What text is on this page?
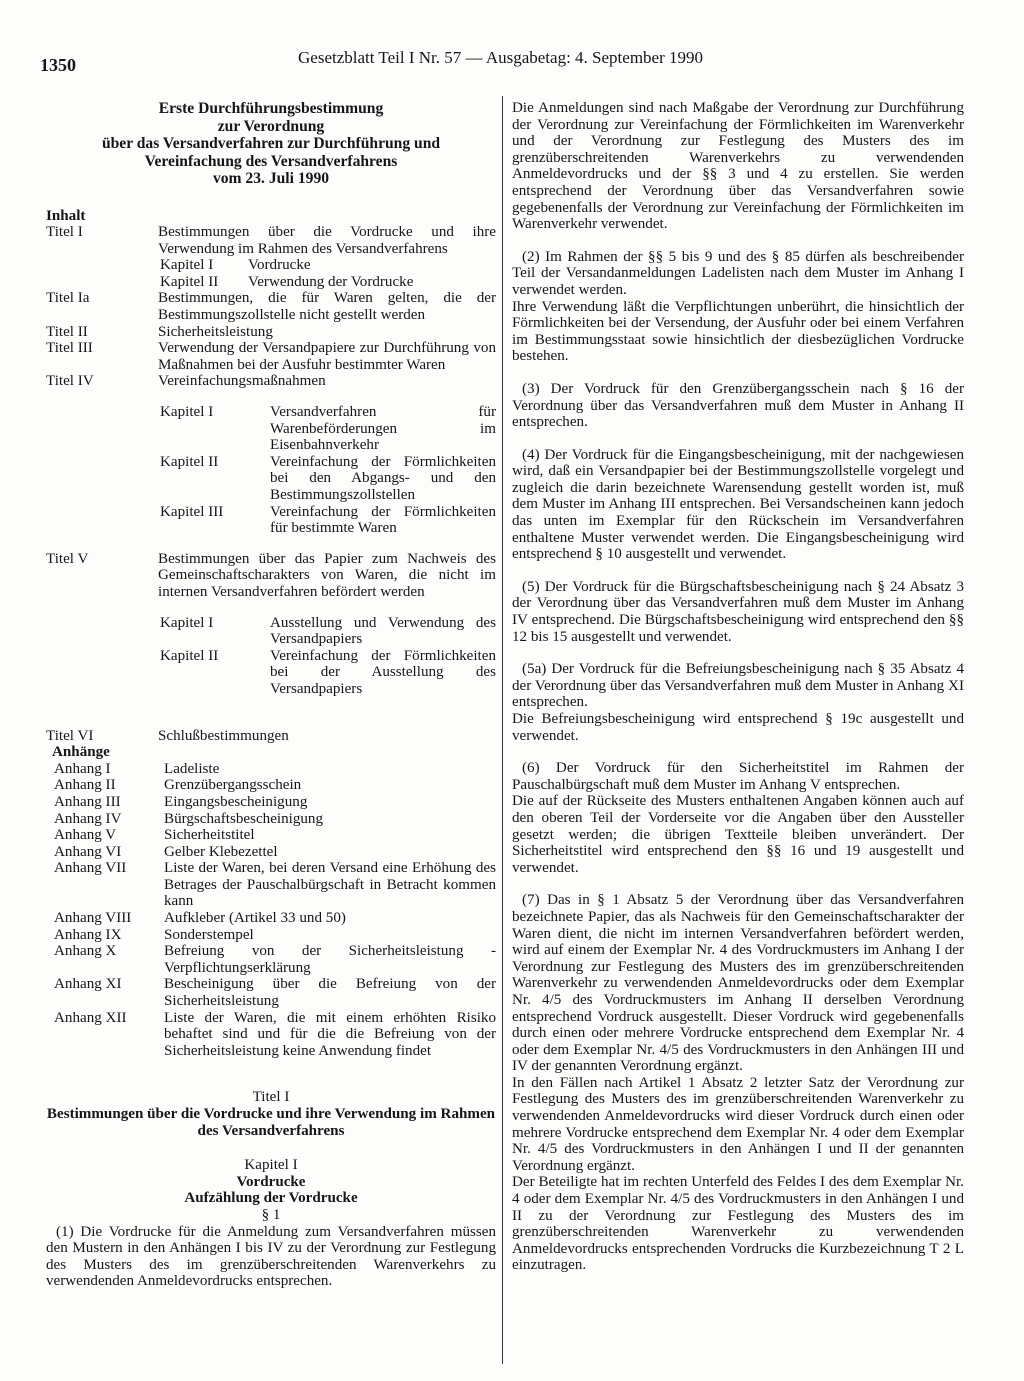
1350	Gesetzblatt Teil I Nr. 57 — Ausgabetag: 4. September 1990
Erste Durchführungsbestimmung
zur Verordnung
über das Versandverfahren zur Durchführung und
Vereinfachung des Versandverfahrens
vom 23. Juli 1990
Inhalt
Titel I	Bestimmungen über die Vordrucke und ihre Verwendung im Rahmen des Versandverfahrens
Kapitel I	Vordrucke
Kapitel II	Verwendung der Vordrucke
Titel Ia	Bestimmungen, die für Waren gelten, die der Bestimmungszollstelle nicht gestellt werden
Titel II	Sicherheitsleistung
Titel III	Verwendung der Versandpapiere zur Durchführung von Maßnahmen bei der Ausfuhr bestimmter Waren
Titel IV	Vereinfachungsmaßnahmen
Kapitel I	Versandverfahren für Warenbeförderungen im Eisenbahnverkehr
Kapitel II	Vereinfachung der Förmlichkeiten bei den Abgangs- und den Bestimmungszollstellen
Kapitel III	Vereinfachung der Förmlichkeiten für bestimmte Waren
Titel V	Bestimmungen über das Papier zum Nachweis des Gemeinschaftscharakters von Waren, die nicht im internen Versandverfahren befördert werden
Kapitel I	Ausstellung und Verwendung des Versandpapiers
Kapitel II	Vereinfachung der Förmlichkeiten bei der Ausstellung des Versandpapiers
Titel VI	Schlußbestimmungen
Anhänge
Anhang I	Ladeliste
Anhang II	Grenzübergangsschein
Anhang III	Eingangsbescheinigung
Anhang IV	Bürgschaftsbescheinigung
Anhang V	Sicherheitstitel
Anhang VI	Gelber Klebezettel
Anhang VII	Liste der Waren, bei deren Versand eine Erhöhung des Betrages der Pauschalbürgschaft in Betracht kommen kann
Anhang VIII	Aufkleber (Artikel 33 und 50)
Anhang IX	Sonderstempel
Anhang X	Befreiung von der Sicherheitsleistung - Verpflichtungserklärung
Anhang XI	Bescheinigung über die Befreiung von der Sicherheitsleistung
Anhang XII	Liste der Waren, die mit einem erhöhten Risiko behaftet sind und für die die Befreiung von der Sicherheitsleistung keine Anwendung findet
Titel I
Bestimmungen über die Vordrucke und ihre Verwendung im Rahmen des Versandverfahrens
Kapitel I
Vordrucke
Aufzählung der Vordrucke
§ 1
(1) Die Vordrucke für die Anmeldung zum Versandverfahren müssen den Mustern in den Anhängen I bis IV zu der Verordnung zur Festlegung des Musters des im grenzüberschreitenden Warenverkehrs zu verwendenden Anmeldevordrucks entsprechen.
Die Anmeldungen sind nach Maßgabe der Verordnung zur Durchführung der Verordnung zur Vereinfachung der Förmlichkeiten im Warenverkehr und der Verordnung zur Festlegung des Musters des im grenzüberschreitenden Warenverkehrs zu verwendenden Anmeldevordrucks und der §§ 3 und 4 zu erstellen. Sie werden entsprechend der Verordnung über das Versandverfahren sowie gegebenenfalls der Verordnung zur Vereinfachung der Förmlichkeiten im Warenverkehr verwendet.
(2) Im Rahmen der §§ 5 bis 9 und des § 85 dürfen als beschreibender Teil der Versandanmeldungen Ladelisten nach dem Muster im Anhang I verwendet werden.
Ihre Verwendung läßt die Verpflichtungen unberührt, die hinsichtlich der Förmlichkeiten bei der Versendung, der Ausfuhr oder bei einem Verfahren im Bestimmungsstaat sowie hinsichtlich der diesbezüglichen Vordrucke bestehen.
(3) Der Vordruck für den Grenzübergangsschein nach § 16 der Verordnung über das Versandverfahren muß dem Muster in Anhang II entsprechen.
(4) Der Vordruck für die Eingangsbescheinigung, mit der nachgewiesen wird, daß ein Versandpapier bei der Bestimmungszollstelle vorgelegt und zugleich die darin bezeichnete Warensendung gestellt worden ist, muß dem Muster im Anhang III entsprechen. Bei Versandscheinen kann jedoch das unten im Exemplar für den Rückschein im Versandverfahren enthaltene Muster verwendet werden. Die Eingangsbescheinigung wird entsprechend § 10 ausgestellt und verwendet.
(5) Der Vordruck für die Bürgschaftsbescheinigung nach § 24 Absatz 3 der Verordnung über das Versandverfahren muß dem Muster im Anhang IV entsprechend. Die Bürgschaftsbescheinigung wird entsprechend den §§ 12 bis 15 ausgestellt und verwendet.
(5a) Der Vordruck für die Befreiungsbescheinigung nach § 35 Absatz 4 der Verordnung über das Versandverfahren muß dem Muster in Anhang XI entsprechen.
Die Befreiungsbescheinigung wird entsprechend § 19c ausgestellt und verwendet.
(6) Der Vordruck für den Sicherheitstitel im Rahmen der Pauschalbürgschaft muß dem Muster im Anhang V entsprechen.
Die auf der Rückseite des Musters enthaltenen Angaben können auch auf den oberen Teil der Vorderseite vor die Angaben über den Aussteller gesetzt werden; die übrigen Textteile bleiben unverändert. Der Sicherheitstitel wird entsprechend den §§ 16 und 19 ausgestellt und verwendet.
(7) Das in § 1 Absatz 5 der Verordnung über das Versandverfahren bezeichnete Papier, das als Nachweis für den Gemeinschaftscharakter der Waren dient, die nicht im internen Versandverfahren befördert werden, wird auf einem der Exemplar Nr. 4 des Vordruckmusters im Anhang I der Verordnung zur Festlegung des Musters des im grenzüberschreitenden Warenverkehr zu verwendenden Anmeldevordrucks oder dem Exemplar Nr. 4/5 des Vordruckmusters im Anhang II derselben Verordnung entsprechend Vordruck ausgestellt. Dieser Vordruck wird gegebenenfalls durch einen oder mehrere Vordrucke entsprechend dem Exemplar Nr. 4 oder dem Exemplar Nr. 4/5 des Vordruckmusters in den Anhängen III und IV der genannten Verordnung ergänzt.
In den Fällen nach Artikel 1 Absatz 2 letzter Satz der Verordnung zur Festlegung des Musters des im grenzüberschreitenden Warenverkehr zu verwendenden Anmeldevordrucks wird dieser Vordruck durch einen oder mehrere Vordrucke entsprechend dem Exemplar Nr. 4 oder dem Exemplar Nr. 4/5 des Vordruckmusters in den Anhängen I und II der genannten Verordnung ergänzt.
Der Beteiligte hat im rechten Unterfeld des Feldes I des dem Exemplar Nr. 4 oder dem Exemplar Nr. 4/5 des Vordruckmusters in den Anhängen I und II zu der Verordnung zur Festlegung des Musters des im grenzüberschreitenden Warenverkehr zu verwendenden Anmeldevordrucks entsprechenden Vordrucks die Kurzbezeichnung T 2 L einzutragen.
